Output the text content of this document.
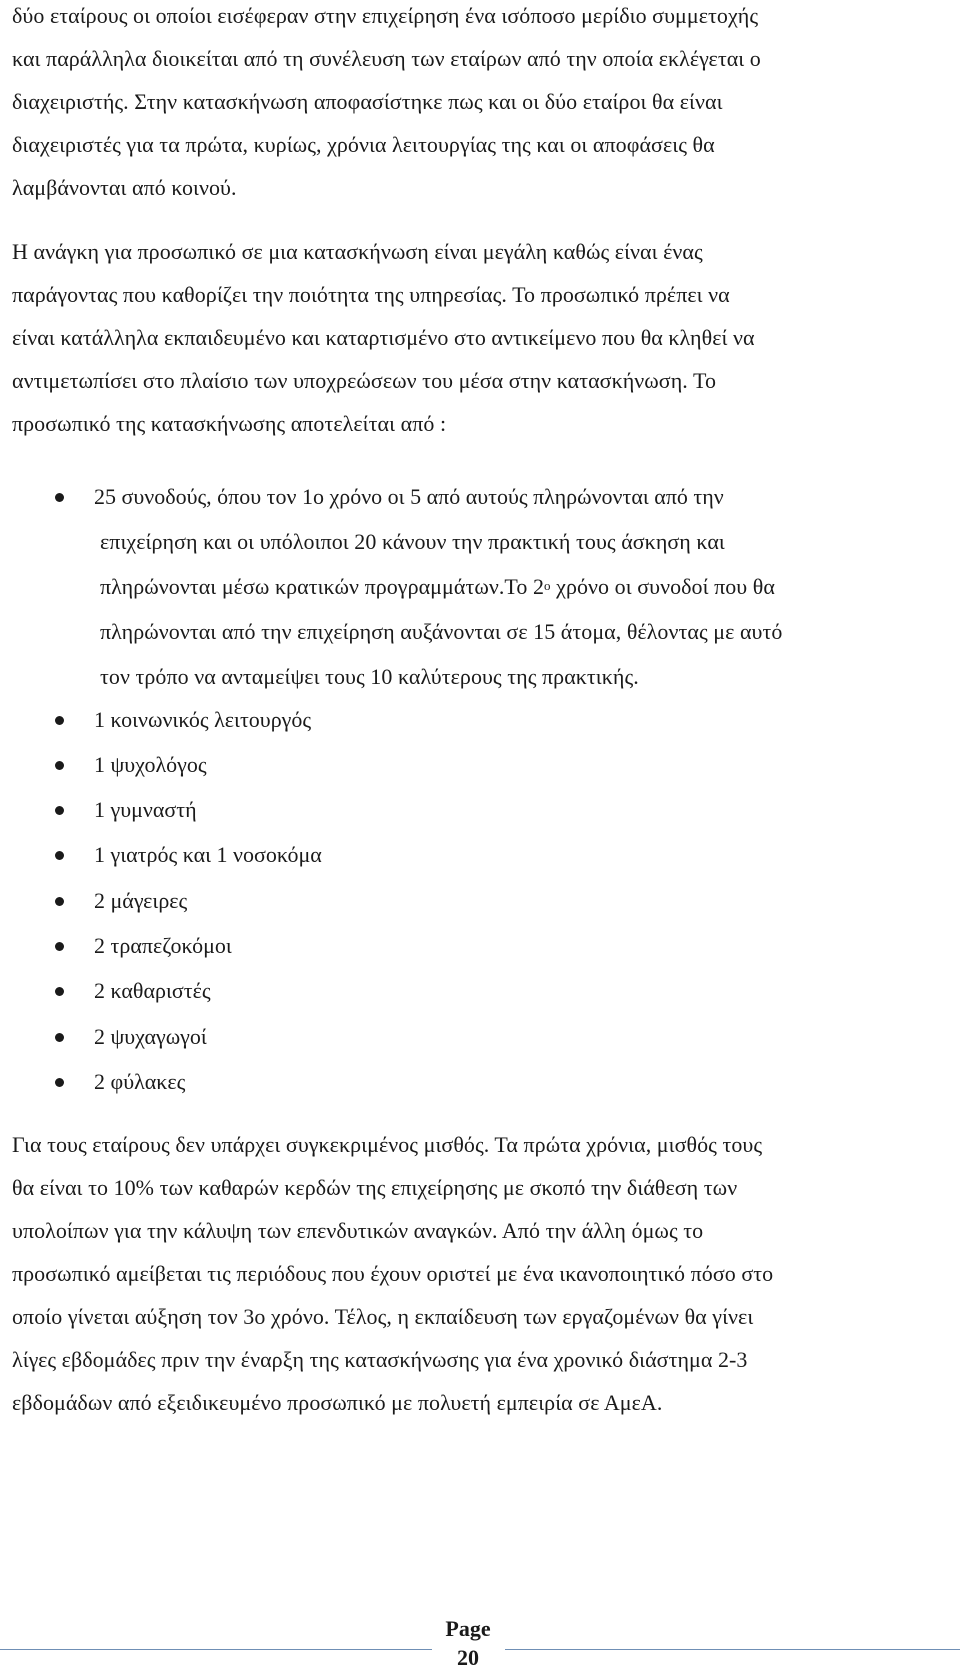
δύο εταίρους οι οποίοι εισέφεραν στην επιχείρηση ένα ισόποσο μερίδιο συμμετοχής

και παράλληλα διοικείται από τη συνέλευση των εταίρων από την οποία εκλέγεται ο

διαχειριστής. Στην κατασκήνωση αποφασίστηκε πως και οι δύο εταίροι θα είναι

διαχειριστές για τα πρώτα, κυρίως, χρόνια λειτουργίας της και οι αποφάσεις θα

λαμβάνονται από κοινού.

Η ανάγκη για προσωπικό σε μια κατασκήνωση είναι μεγάλη καθώς είναι ένας

παράγοντας που καθορίζει την ποιότητα της υπηρεσίας. Το προσωπικό πρέπει να

είναι κατάλληλα εκπαιδευμένο και καταρτισμένο στο αντικείμενο που θα κληθεί να

αντιμετωπίσει στο πλαίσιο των υποχρεώσεων του μέσα στην κατασκήνωση. Το

προσωπικό της κατασκήνωσης αποτελείται από :

25 συνοδούς, όπου τον 1ο χρόνο οι 5 από αυτούς πληρώνονται από την

επιχείρηση και οι υπόλοιποι 20 κάνουν την πρακτική τους άσκηση και

πληρώνονται μέσω κρατικών προγραμμάτων.Το $2^o$ χρόνο οι συνοδοί που θα

πληρώνονται από την επιχείρηση αυξάνονται σε 15 άτομα, θέλοντας με αυτό

τον τρόπο να ανταμείψει τους 10 καλύτερους της πρακτικής.

1 κοινωνικός λειτουργός

1 ψυχολόγος

1 γυμναστή

1 γιατρός και 1 νοσοκόμα

2 μάγειρες

2 τραπεζοκόμοι

2 καθαριστές

2 ψυχαγωγοί

2 φύλακες

Για τους εταίρους δεν υπάρχει συγκεκριμένος μισθός. Τα πρώτα χρόνια, μισθός τους

θα είναι το 10% των καθαρών κερδών της επιχείρησης με σκοπό την διάθεση των

υπολοίπων για την κάλυψη των επενδυτικών αναγκών. Από την άλλη όμως το

προσωπικό αμείβεται τις περιόδους που έχουν οριστεί με ένα ικανοποιητικό πόσο στο

οποίο γίνεται αύξηση τον 3ο χρόνο. Τέλος, η εκπαίδευση των εργαζομένων θα γίνει

λίγες εβδομάδες πριν την έναρξη της κατασκήνωσης για ένα χρονικό διάστημα 2-3

εβδομάδων από εξειδικευμένο προσωπικό με πολυετή εμπειρία σε ΑμεΑ.

Page
20
